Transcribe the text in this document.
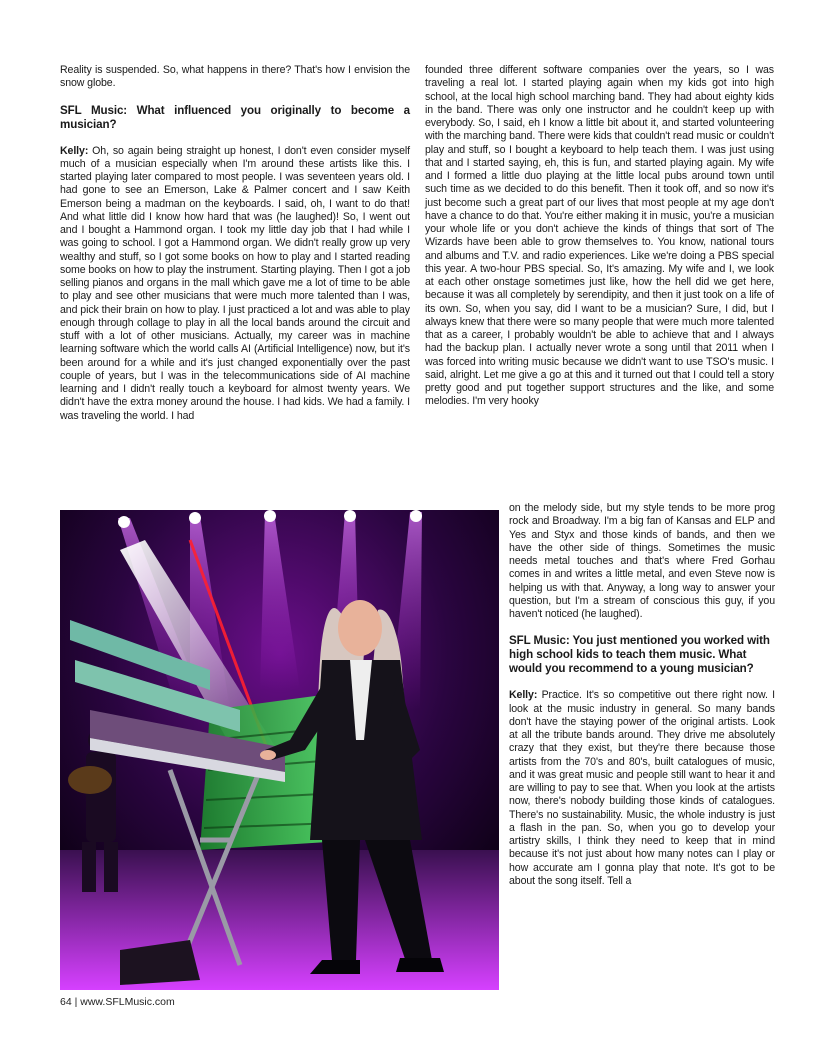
Reality is suspended. So, what happens in there? That's how I envision the snow globe.

SFL Music: What influenced you originally to become a musician?

Kelly: Oh, so again being straight up honest, I don't even consider myself much of a musician especially when I'm around these artists like this. I started playing later compared to most people. I was seventeen years old. I had gone to see an Emerson, Lake & Palmer concert and I saw Keith Emerson being a madman on the keyboards. I said, oh, I want to do that! And what little did I know how hard that was (he laughed)! So, I went out and I bought a Hammond organ. I took my little day job that I had while I was going to school. I got a Hammond organ. We didn't really grow up very wealthy and stuff, so I got some books on how to play and I started reading some books on how to play the instrument. Starting playing. Then I got a job selling pianos and organs in the mall which gave me a lot of time to be able to play and see other musicians that were much more talented than I was, and pick their brain on how to play. I just practiced a lot and was able to play enough through collage to play in all the local bands around the circuit and stuff with a lot of other musicians. Actually, my career was in machine learning software which the world calls AI (Artificial Intelligence) now, but it's been around for a while and it's just changed exponentially over the past couple of years, but I was in the telecommunications side of AI machine learning and I didn't really touch a keyboard for almost twenty years. We didn't have the extra money around the house. I had kids. We had a family. I was traveling the world. I had

founded three different software companies over the years, so I was traveling a real lot. I started playing again when my kids got into high school, at the local high school marching band. They had about eighty kids in the band. There was only one instructor and he couldn't keep up with everybody. So, I said, eh I know a little bit about it, and started volunteering with the marching band. There were kids that couldn't read music or couldn't play and stuff, so I bought a keyboard to help teach them. I was just using that and I started saying, eh, this is fun, and started playing again. My wife and I formed a little duo playing at the little local pubs around town until such time as we decided to do this benefit. Then it took off, and so now it's just become such a great part of our lives that most people at my age don't have a chance to do that. You're either making it in music, you're a musician your whole life or you don't achieve the kinds of things that sort of The Wizards have been able to grow themselves to. You know, national tours and albums and T.V. and radio experiences. Like we're doing a PBS special this year. A two-hour PBS special. So, It's amazing. My wife and I, we look at each other onstage sometimes just like, how the hell did we get here, because it was all completely by serendipity, and then it just took on a life of its own. So, when you say, did I want to be a musician? Sure, I did, but I always knew that there were so many people that were much more talented that as a career, I probably wouldn't be able to achieve that and I always had the backup plan. I actually never wrote a song until that 2011 when I was forced into writing music because we didn't want to use TSO's music. I said, alright. Let me give a go at this and it turned out that I could tell a story pretty good and put together support structures and the like, and some melodies. I'm very hooky

on the melody side, but my style tends to be more prog rock and Broadway. I'm a big fan of Kansas and ELP and Yes and Styx and those kinds of bands, and then we have the other side of things. Sometimes the music needs metal touches and that's where Fred Gorhau comes in and writes a little metal, and even Steve now is helping us with that. Anyway, a long way to answer your question, but I'm a stream of conscious this guy, if you haven't noticed (he laughed).

SFL Music: You just mentioned you worked with high school kids to teach them music. What would you recommend to a young musician?

Kelly: Practice. It's so competitive out there right now. I look at the music industry in general. So many bands don't have the staying power of the original artists. Look at all the tribute bands around. They drive me absolutely crazy that they exist, but they're there because those artists from the 70's and 80's, built catalogues of music, and it was great music and people still want to hear it and are willing to pay to see that. When you look at the artists now, there's nobody building those kinds of catalogues. There's no sustainability. Music, the whole industry is just a flash in the pan. So, when you go to develop your artistry skills, I think they need to keep that in mind because it's not just about how many notes can I play or how accurate am I gonna play that note. It's got to be about the song itself. Tell a

64 | www.SFLMusic.com
